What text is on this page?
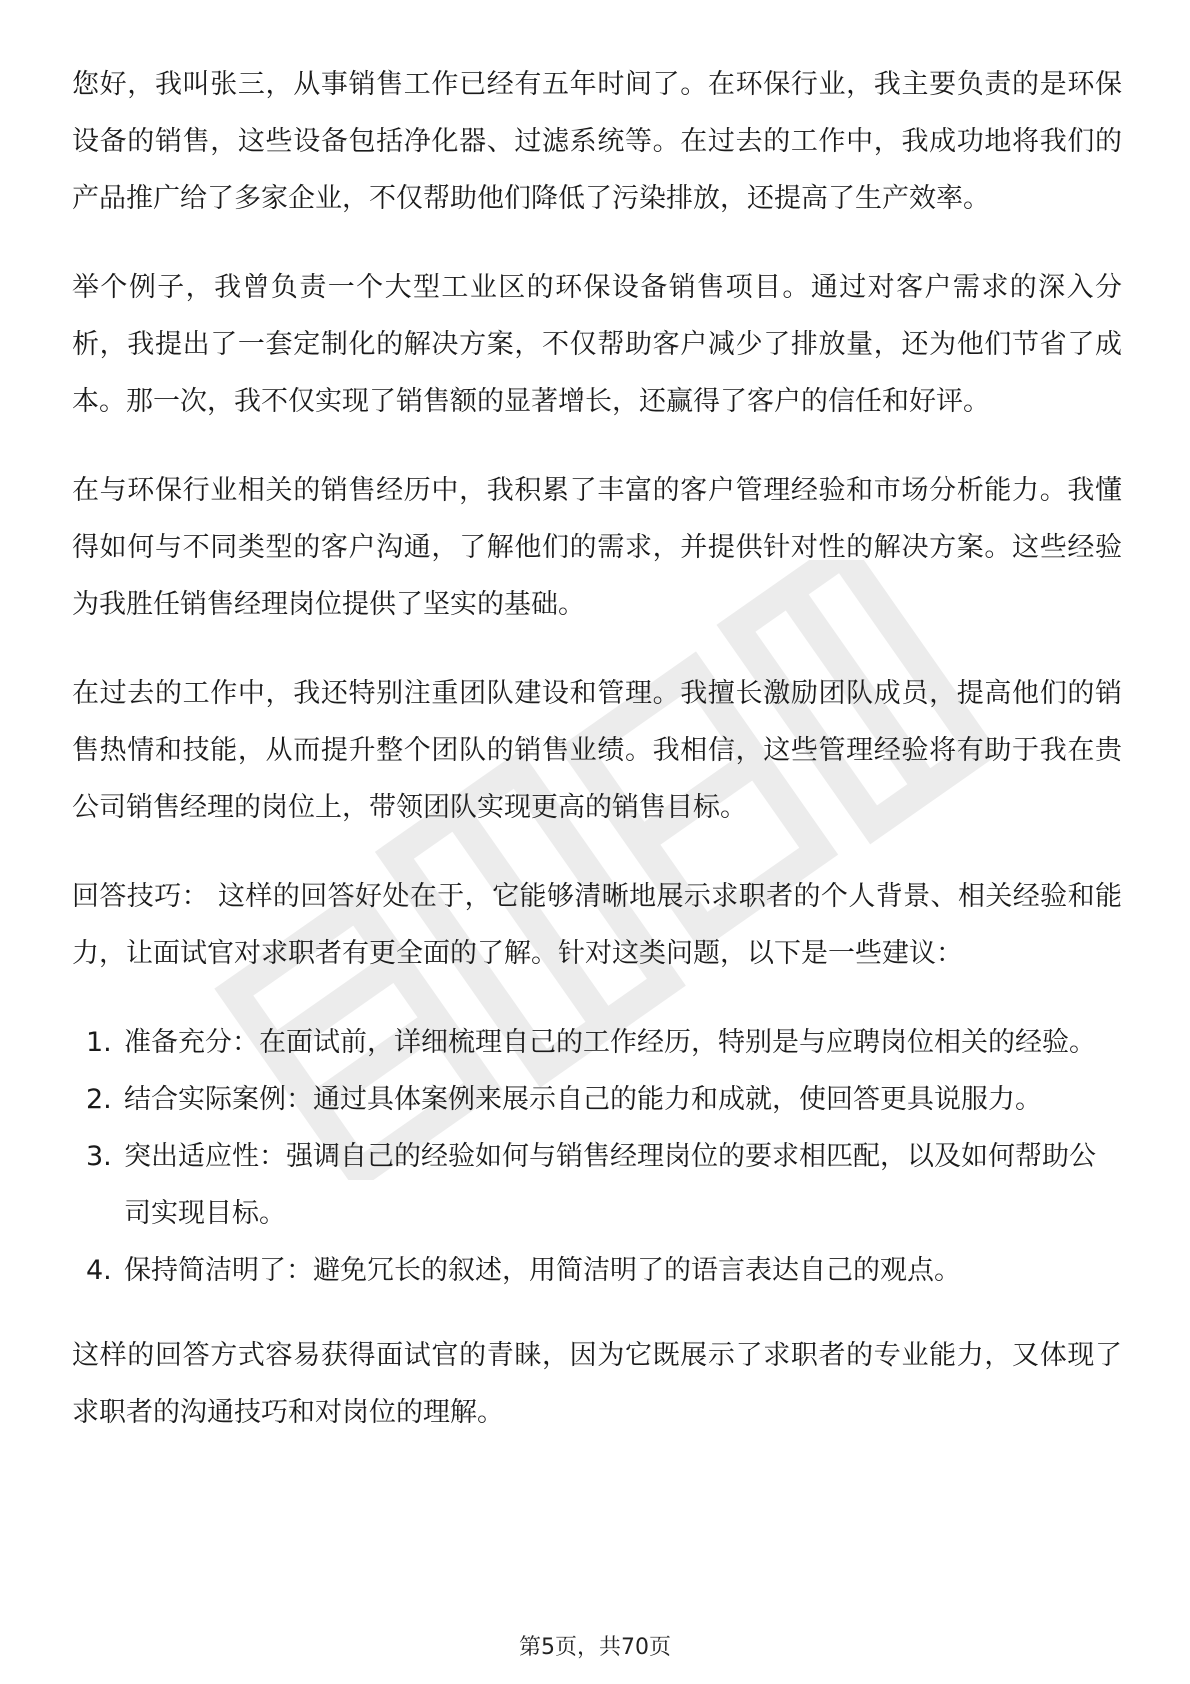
您好，我叫张三，从事销售工作已经有五年时间了。在环保行业，我主要负责的是环保设备的销售，这些设备包括净化器、过滤系统等。在过去的工作中，我成功地将我们的产品推广给了多家企业，不仅帮助他们降低了污染排放，还提高了生产效率。

举个例子，我曾负责一个大型工业区的环保设备销售项目。通过对客户需求的深入分析，我提出了一套定制化的解决方案，不仅帮助客户减少了排放量，还为他们节省了成本。那一次，我不仅实现了销售额的显著增长，还赢得了客户的信任和好评。

在与环保行业相关的销售经历中，我积累了丰富的客户管理经验和市场分析能力。我懂得如何与不同类型的客户沟通，了解他们的需求，并提供针对性的解决方案。这些经验为我胜任销售经理岗位提供了坚实的基础。

在过去的工作中，我还特别注重团队建设和管理。我擅长激励团队成员，提高他们的销售热情和技能，从而提升整个团队的销售业绩。我相信，这些管理经验将有助于我在贵公司销售经理的岗位上，带领团队实现更高的销售目标。

回答技巧： 这样的回答好处在于，它能够清晰地展示求职者的个人背景、相关经验和能力，让面试官对求职者有更全面的了解。针对这类问题，以下是一些建议：

1. 准备充分：在面试前，详细梳理自己的工作经历，特别是与应聘岗位相关的经验。
2. 结合实际案例：通过具体案例来展示自己的能力和成就，使回答更具说服力。
3. 突出适应性：强调自己的经验如何与销售经理岗位的要求相匹配，以及如何帮助公司实现目标。
4. 保持简洁明了：避免冗长的叙述，用简洁明了的语言表达自己的观点。

这样的回答方式容易获得面试官的青睐，因为它既展示了求职者的专业能力，又体现了求职者的沟通技巧和对岗位的理解。

第5页，共70页
